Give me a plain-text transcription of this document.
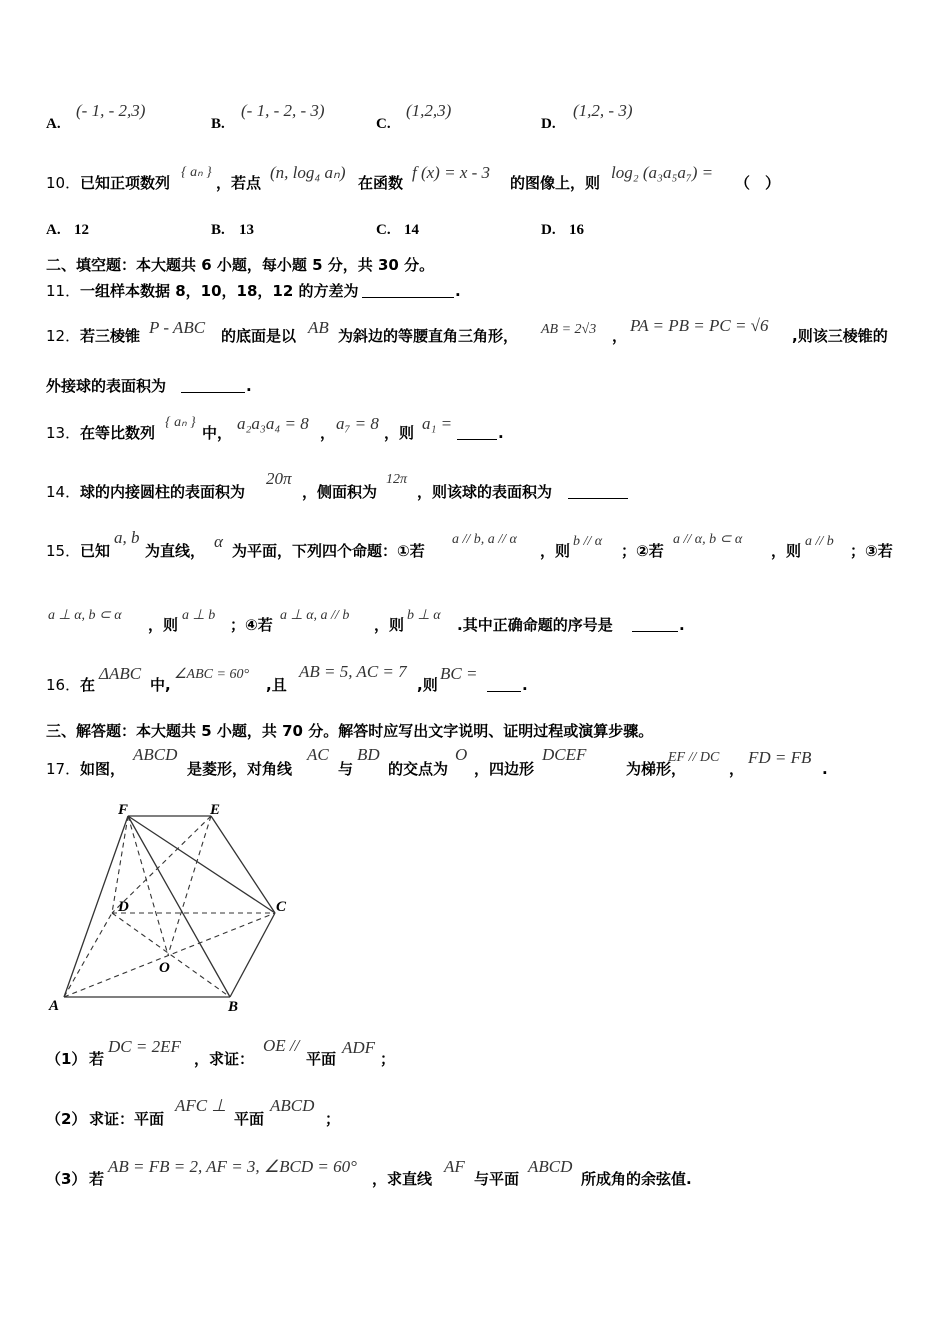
A.
(- 1, - 2,3)
B.
(- 1, - 2, - 3)
C.
(1,2,3)
D.
(1,2, - 3)
10． 已知正项数列
{ aₙ }
，若点
(n, log₄ aₙ)
在函数
f (x) = x - 3
的图像上，则
log₂ (a₃a₅a₇) =
（　）
A. 12	B. 13	C. 14	D. 16
二、填空题：本大题共 6 小题，每小题 5 分，共 30 分。
11． 一组样本数据 8，10，18，12 的方差为	.
12． 若三棱锥 P - ABC 的底面是以 AB 为斜边的等腰直角三角形， AB = 2√3 ，
PA = PB = PC = √6
,则该三棱锥的
外接球的表面积为	.
13． 在等比数列
{ aₙ }
中， a₂a₃a₄ = 8 ， a₇ = 8 ，则 a₁ =	.
14． 球的内接圆柱的表面积为
20π
，侧面积为
12π
，则该球的表面积为
15． 已知
a, b
为直线， α 为平面，下列四个命题：①若
a // b, a // α
，则
b // α
；②若
a // α, b ⊂ α
，则
a // b
；③若
a ⊥ α, b ⊂ α
，则
a ⊥ b
；④若
a ⊥ α, a // b
，则
b ⊥ α
.其中正确命题的序号是	.
16． 在
ΔABC
中,
∠ABC = 60°
,且
AB = 5, AC = 7
,则
BC =
.
三、解答题：本大题共 5 小题，共 70 分。解答时应写出文字说明、证明过程或演算步骤。
17． 如图，
ABCD
是菱形，对角线
AC
与
BD
的交点为
O
，四边形
DCEF
为梯形，
EF // DC
，
FD = FB
.
F	E
D	C
O
A	B
（1） 若
DC = 2EF
，求证：
OE //
平面
ADF
；
（2） 求证：平面
AFC ⊥
平面
ABCD
；
（3） 若
AB = FB = 2, AF = 3, ∠BCD = 60°
，求直线
AF
与平面
ABCD
所成角的余弦值.
